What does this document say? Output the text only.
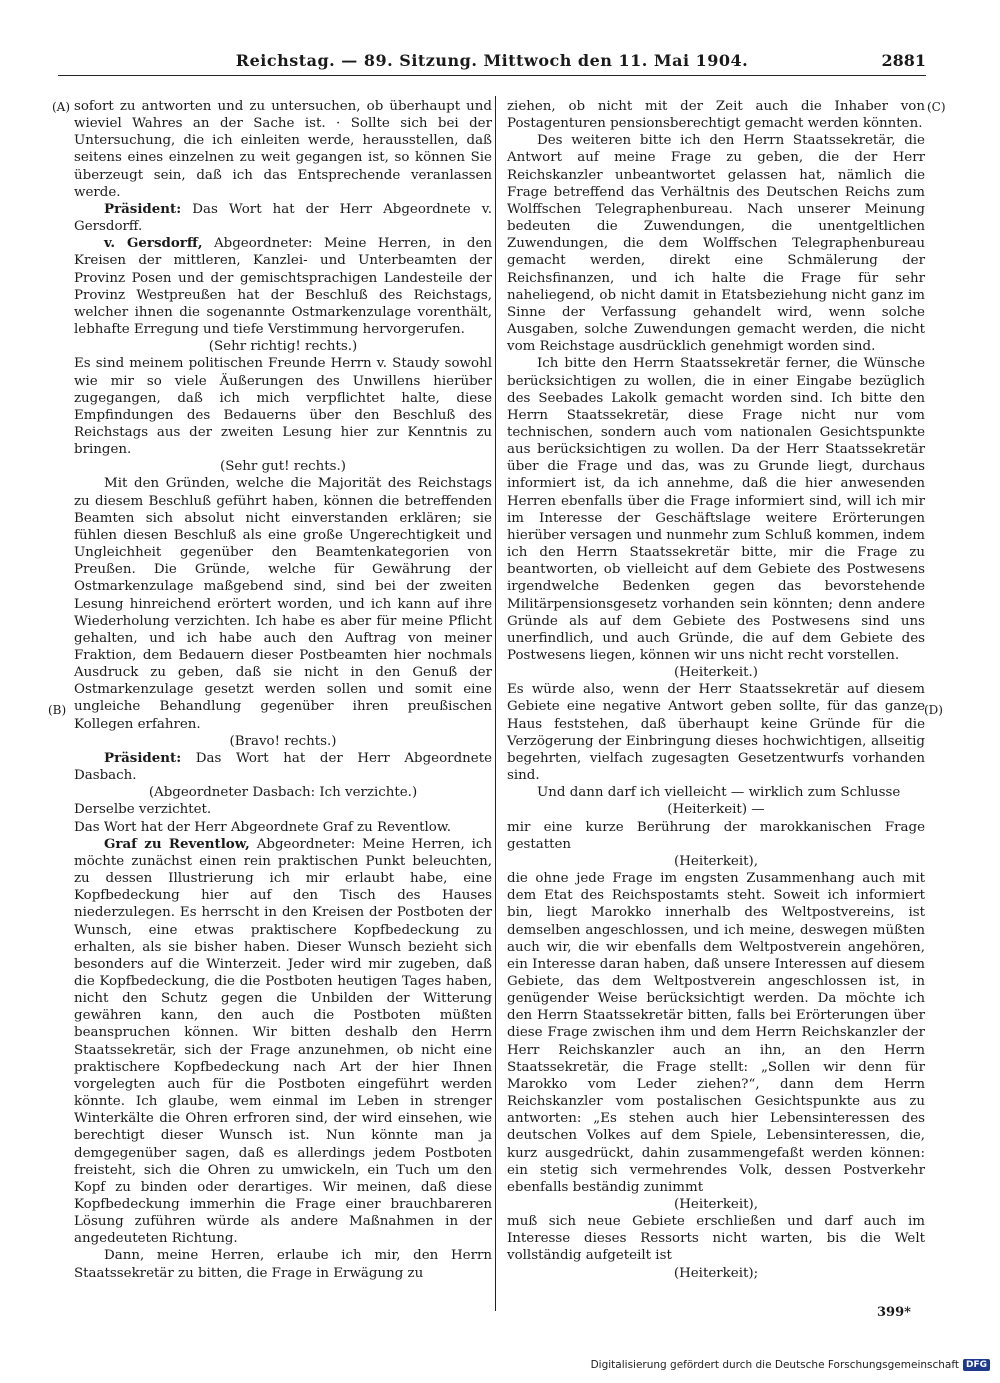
Reichstag. — 89. Sitzung. Mittwoch den 11. Mai 1904.	2881
(A)
(B)
(C)
(D)

sofort zu antworten und zu untersuchen, ob überhaupt und wieviel Wahres an der Sache ist. · Sollte sich bei der Untersuchung, die ich einleiten werde, herausstellen, daß seitens eines einzelnen zu weit gegangen ist, so können Sie überzeugt sein, daß ich das Entsprechende veranlassen werde.

Präsident: Das Wort hat der Herr Abgeordnete v. Gersdorff.

v. Gersdorff, Abgeordneter: Meine Herren, in den Kreisen der mittleren, Kanzlei- und Unterbeamten der Provinz Posen und der gemischtsprachigen Landesteile der Provinz Westpreußen hat der Beschluß des Reichstags, welcher ihnen die sogenannte Ostmarkenzulage vorenthält, lebhafte Erregung und tiefe Verstimmung hervorgerufen.

(Sehr richtig! rechts.)

Es sind meinem politischen Freunde Herrn v. Staudy sowohl wie mir so viele Äußerungen des Unwillens hierüber zugegangen, daß ich mich verpflichtet halte, diese Empfindungen des Bedauerns über den Beschluß des Reichstags aus der zweiten Lesung hier zur Kenntnis zu bringen.

(Sehr gut! rechts.)

Mit den Gründen, welche die Majorität des Reichstags zu diesem Beschluß geführt haben, können die betreffenden Beamten sich absolut nicht einverstanden erklären; sie fühlen diesen Beschluß als eine große Ungerechtigkeit und Ungleichheit gegenüber den Beamtenkategorien von Preußen. Die Gründe, welche für Gewährung der Ostmarkenzulage maßgebend sind, sind bei der zweiten Lesung hinreichend erörtert worden, und ich kann auf ihre Wiederholung verzichten. Ich habe es aber für meine Pflicht gehalten, und ich habe auch den Auftrag von meiner Fraktion, dem Bedauern dieser Postbeamten hier nochmals Ausdruck zu geben, daß sie nicht in den Genuß der Ostmarkenzulage gesetzt werden sollen und somit eine ungleiche Behandlung gegenüber ihren preußischen Kollegen erfahren.

(Bravo! rechts.)

Präsident: Das Wort hat der Herr Abgeordnete Dasbach.

(Abgeordneter Dasbach: Ich verzichte.)

Derselbe verzichtet.

Das Wort hat der Herr Abgeordnete Graf zu Reventlow.

Graf zu Reventlow, Abgeordneter: Meine Herren, ich möchte zunächst einen rein praktischen Punkt beleuchten, zu dessen Illustrierung ich mir erlaubt habe, eine Kopfbedeckung hier auf den Tisch des Hauses niederzulegen. Es herrscht in den Kreisen der Postboten der Wunsch, eine etwas praktischere Kopfbedeckung zu erhalten, als sie bisher haben. Dieser Wunsch bezieht sich besonders auf die Winterzeit. Jeder wird mir zugeben, daß die Kopfbedeckung, die die Postboten heutigen Tages haben, nicht den Schutz gegen die Unbilden der Witterung gewähren kann, den auch die Postboten müßten beanspruchen können. Wir bitten deshalb den Herrn Staatssekretär, sich der Frage anzunehmen, ob nicht eine praktischere Kopfbedeckung nach Art der hier Ihnen vorgelegten auch für die Postboten eingeführt werden könnte. Ich glaube, wem einmal im Leben in strenger Winterkälte die Ohren erfroren sind, der wird einsehen, wie berechtigt dieser Wunsch ist. Nun könnte man ja demgegenüber sagen, daß es allerdings jedem Postboten freisteht, sich die Ohren zu umwickeln, ein Tuch um den Kopf zu binden oder derartiges. Wir meinen, daß diese Kopfbedeckung immerhin die Frage einer brauchbareren Lösung zuführen würde als andere Maßnahmen in der angedeuteten Richtung.

Dann, meine Herren, erlaube ich mir, den Herrn Staatssekretär zu bitten, die Frage in Erwägung zu

ziehen, ob nicht mit der Zeit auch die Inhaber von Postagenturen pensionsberechtigt gemacht werden könnten.

Des weiteren bitte ich den Herrn Staatssekretär, die Antwort auf meine Frage zu geben, die der Herr Reichskanzler unbeantwortet gelassen hat, nämlich die Frage betreffend das Verhältnis des Deutschen Reichs zum Wolffschen Telegraphenbureau. Nach unserer Meinung bedeuten die Zuwendungen, die unentgeltlichen Zuwendungen, die dem Wolffschen Telegraphenbureau gemacht werden, direkt eine Schmälerung der Reichsfinanzen, und ich halte die Frage für sehr naheliegend, ob nicht damit in Etatsbeziehung nicht ganz im Sinne der Verfassung gehandelt wird, wenn solche Ausgaben, solche Zuwendungen gemacht werden, die nicht vom Reichstage ausdrücklich genehmigt worden sind.

Ich bitte den Herrn Staatssekretär ferner, die Wünsche berücksichtigen zu wollen, die in einer Eingabe bezüglich des Seebades Lakolk gemacht worden sind. Ich bitte den Herrn Staatssekretär, diese Frage nicht nur vom technischen, sondern auch vom nationalen Gesichtspunkte aus berücksichtigen zu wollen. Da der Herr Staatssekretär über die Frage und das, was zu Grunde liegt, durchaus informiert ist, da ich annehme, daß die hier anwesenden Herren ebenfalls über die Frage informiert sind, will ich mir im Interesse der Geschäftslage weitere Erörterungen hierüber versagen und nunmehr zum Schluß kommen, indem ich den Herrn Staatssekretär bitte, mir die Frage zu beantworten, ob vielleicht auf dem Gebiete des Postwesens irgendwelche Bedenken gegen das bevorstehende Militärpensionsgesetz vorhanden sein könnten; denn andere Gründe als auf dem Gebiete des Postwesens sind uns unerfindlich, und auch Gründe, die auf dem Gebiete des Postwesens liegen, können wir uns nicht recht vorstellen.

(Heiterkeit.)

Es würde also, wenn der Herr Staatssekretär auf diesem Gebiete eine negative Antwort geben sollte, für das ganze Haus feststehen, daß überhaupt keine Gründe für die Verzögerung der Einbringung dieses hochwichtigen, allseitig begehrten, vielfach zugesagten Gesetzentwurfs vorhanden sind.

Und dann darf ich vielleicht — wirklich zum Schlusse

(Heiterkeit) —

mir eine kurze Berührung der marokkanischen Frage gestatten

(Heiterkeit),

die ohne jede Frage im engsten Zusammenhang auch mit dem Etat des Reichspostamts steht. Soweit ich informiert bin, liegt Marokko innerhalb des Weltpostvereins, ist demselben angeschlossen, und ich meine, deswegen müßten auch wir, die wir ebenfalls dem Weltpostverein angehören, ein Interesse daran haben, daß unsere Interessen auf diesem Gebiete, das dem Weltpostverein angeschlossen ist, in genügender Weise berücksichtigt werden. Da möchte ich den Herrn Staatssekretär bitten, falls bei Erörterungen über diese Frage zwischen ihm und dem Herrn Reichskanzler der Herr Reichskanzler auch an ihn, an den Herrn Staatssekretär, die Frage stellt: „Sollen wir denn für Marokko vom Leder ziehen?“, dann dem Herrn Reichskanzler vom postalischen Gesichtspunkte aus zu antworten: „Es stehen auch hier Lebensinteressen des deutschen Volkes auf dem Spiele, Lebensinteressen, die, kurz ausgedrückt, dahin zusammengefaßt werden können: ein stetig sich vermehrendes Volk, dessen Postverkehr ebenfalls beständig zunimmt

(Heiterkeit),

muß sich neue Gebiete erschließen und darf auch im Interesse dieses Ressorts nicht warten, bis die Welt vollständig aufgeteilt ist

(Heiterkeit);

399*
Digitalisierung gefördert durch die Deutsche Forschungsgemeinschaft DFG
